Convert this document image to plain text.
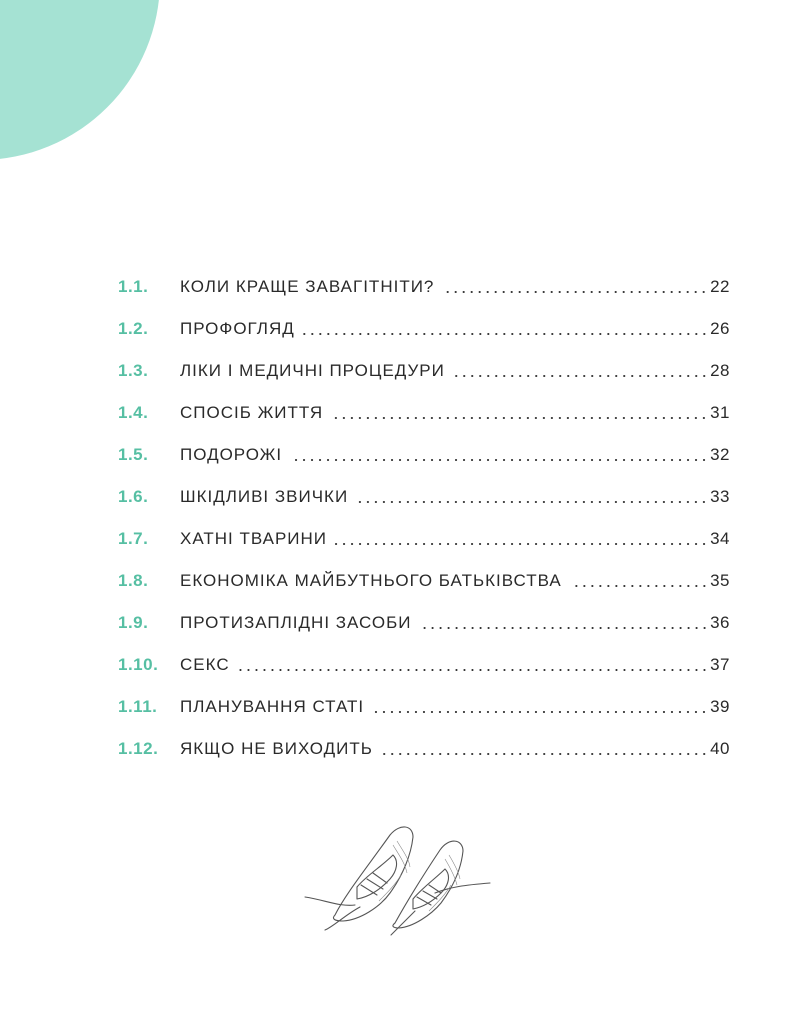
1.1.	КОЛИ КРАЩЕ ЗАВАГІТНІТИ?	22
1.2.	ПРОФОГЛЯД	26
1.3.	ЛІКИ І МЕДИЧНІ ПРОЦЕДУРИ	28
1.4.	СПОСІБ ЖИТТЯ	31
1.5.	ПОДОРОЖІ	32
1.6.	ШКІДЛИВІ ЗВИЧКИ	33
1.7.	ХАТНІ ТВАРИНИ	34
1.8.	ЕКОНОМІКА МАЙБУТНЬОГО БАТЬКІВСТВА	35
1.9.	ПРОТИЗАПЛІДНІ ЗАСОБИ	36
1.10.	СЕКС	37
1.11.	ПЛАНУВАННЯ СТАТІ	39
1.12.	ЯКЩО НЕ ВИХОДИТЬ	40
